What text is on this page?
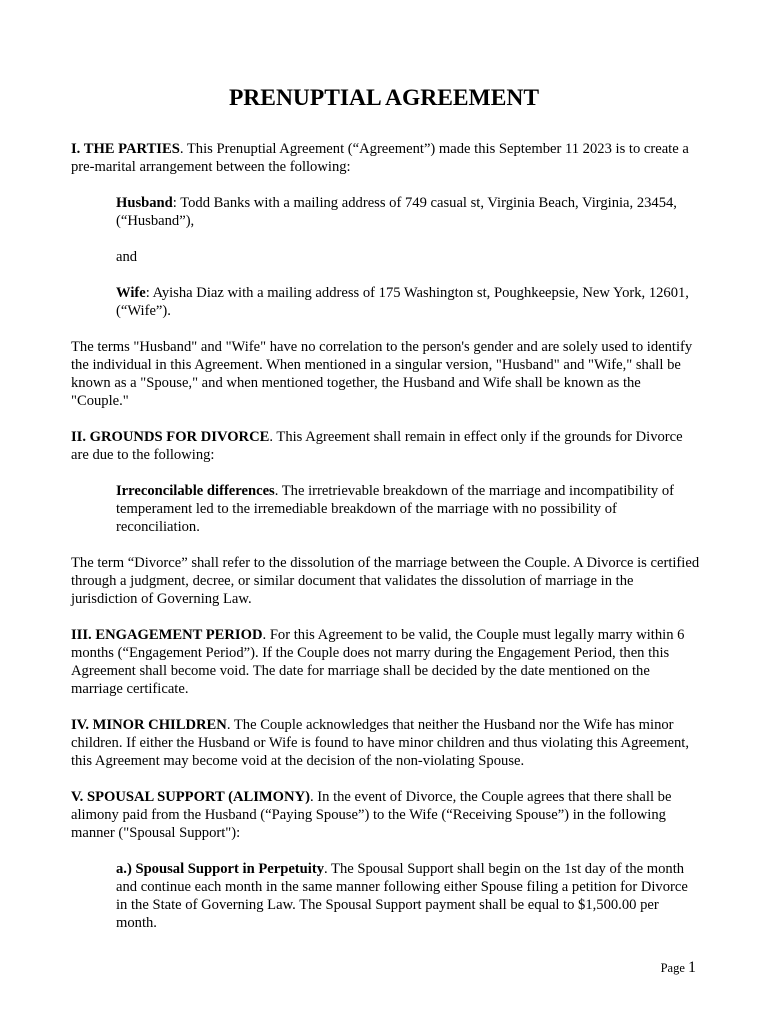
PRENUPTIAL AGREEMENT

I. THE PARTIES. This Prenuptial Agreement (“Agreement”) made this September 11 2023 is to create a pre-marital arrangement between the following:

Husband: Todd Banks with a mailing address of 749 casual st, Virginia Beach, Virginia, 23454, (“Husband”),

and

Wife: Ayisha Diaz with a mailing address of 175 Washington st, Poughkeepsie, New York, 12601, (“Wife”).

The terms "Husband" and "Wife" have no correlation to the person's gender and are solely used to identify the individual in this Agreement. When mentioned in a singular version, "Husband" and "Wife," shall be known as a "Spouse," and when mentioned together, the Husband and Wife shall be known as the "Couple."

II. GROUNDS FOR DIVORCE. This Agreement shall remain in effect only if the grounds for Divorce are due to the following:

Irreconcilable differences. The irretrievable breakdown of the marriage and incompatibility of temperament led to the irremediable breakdown of the marriage with no possibility of reconciliation.

The term “Divorce” shall refer to the dissolution of the marriage between the Couple. A Divorce is certified through a judgment, decree, or similar document that validates the dissolution of marriage in the jurisdiction of Governing Law.

III. ENGAGEMENT PERIOD. For this Agreement to be valid, the Couple must legally marry within 6 months (“Engagement Period”). If the Couple does not marry during the Engagement Period, then this Agreement shall become void. The date for marriage shall be decided by the date mentioned on the marriage certificate.

IV. MINOR CHILDREN. The Couple acknowledges that neither the Husband nor the Wife has minor children. If either the Husband or Wife is found to have minor children and thus violating this Agreement, this Agreement may become void at the decision of the non-violating Spouse.

V. SPOUSAL SUPPORT (ALIMONY). In the event of Divorce, the Couple agrees that there shall be alimony paid from the Husband (“Paying Spouse”) to the Wife (“Receiving Spouse”) in the following manner ("Spousal Support"):

a.) Spousal Support in Perpetuity. The Spousal Support shall begin on the 1st day of the month and continue each month in the same manner following either Spouse filing a petition for Divorce in the State of Governing Law. The Spousal Support payment shall be equal to $1,500.00 per month.

Page 1
